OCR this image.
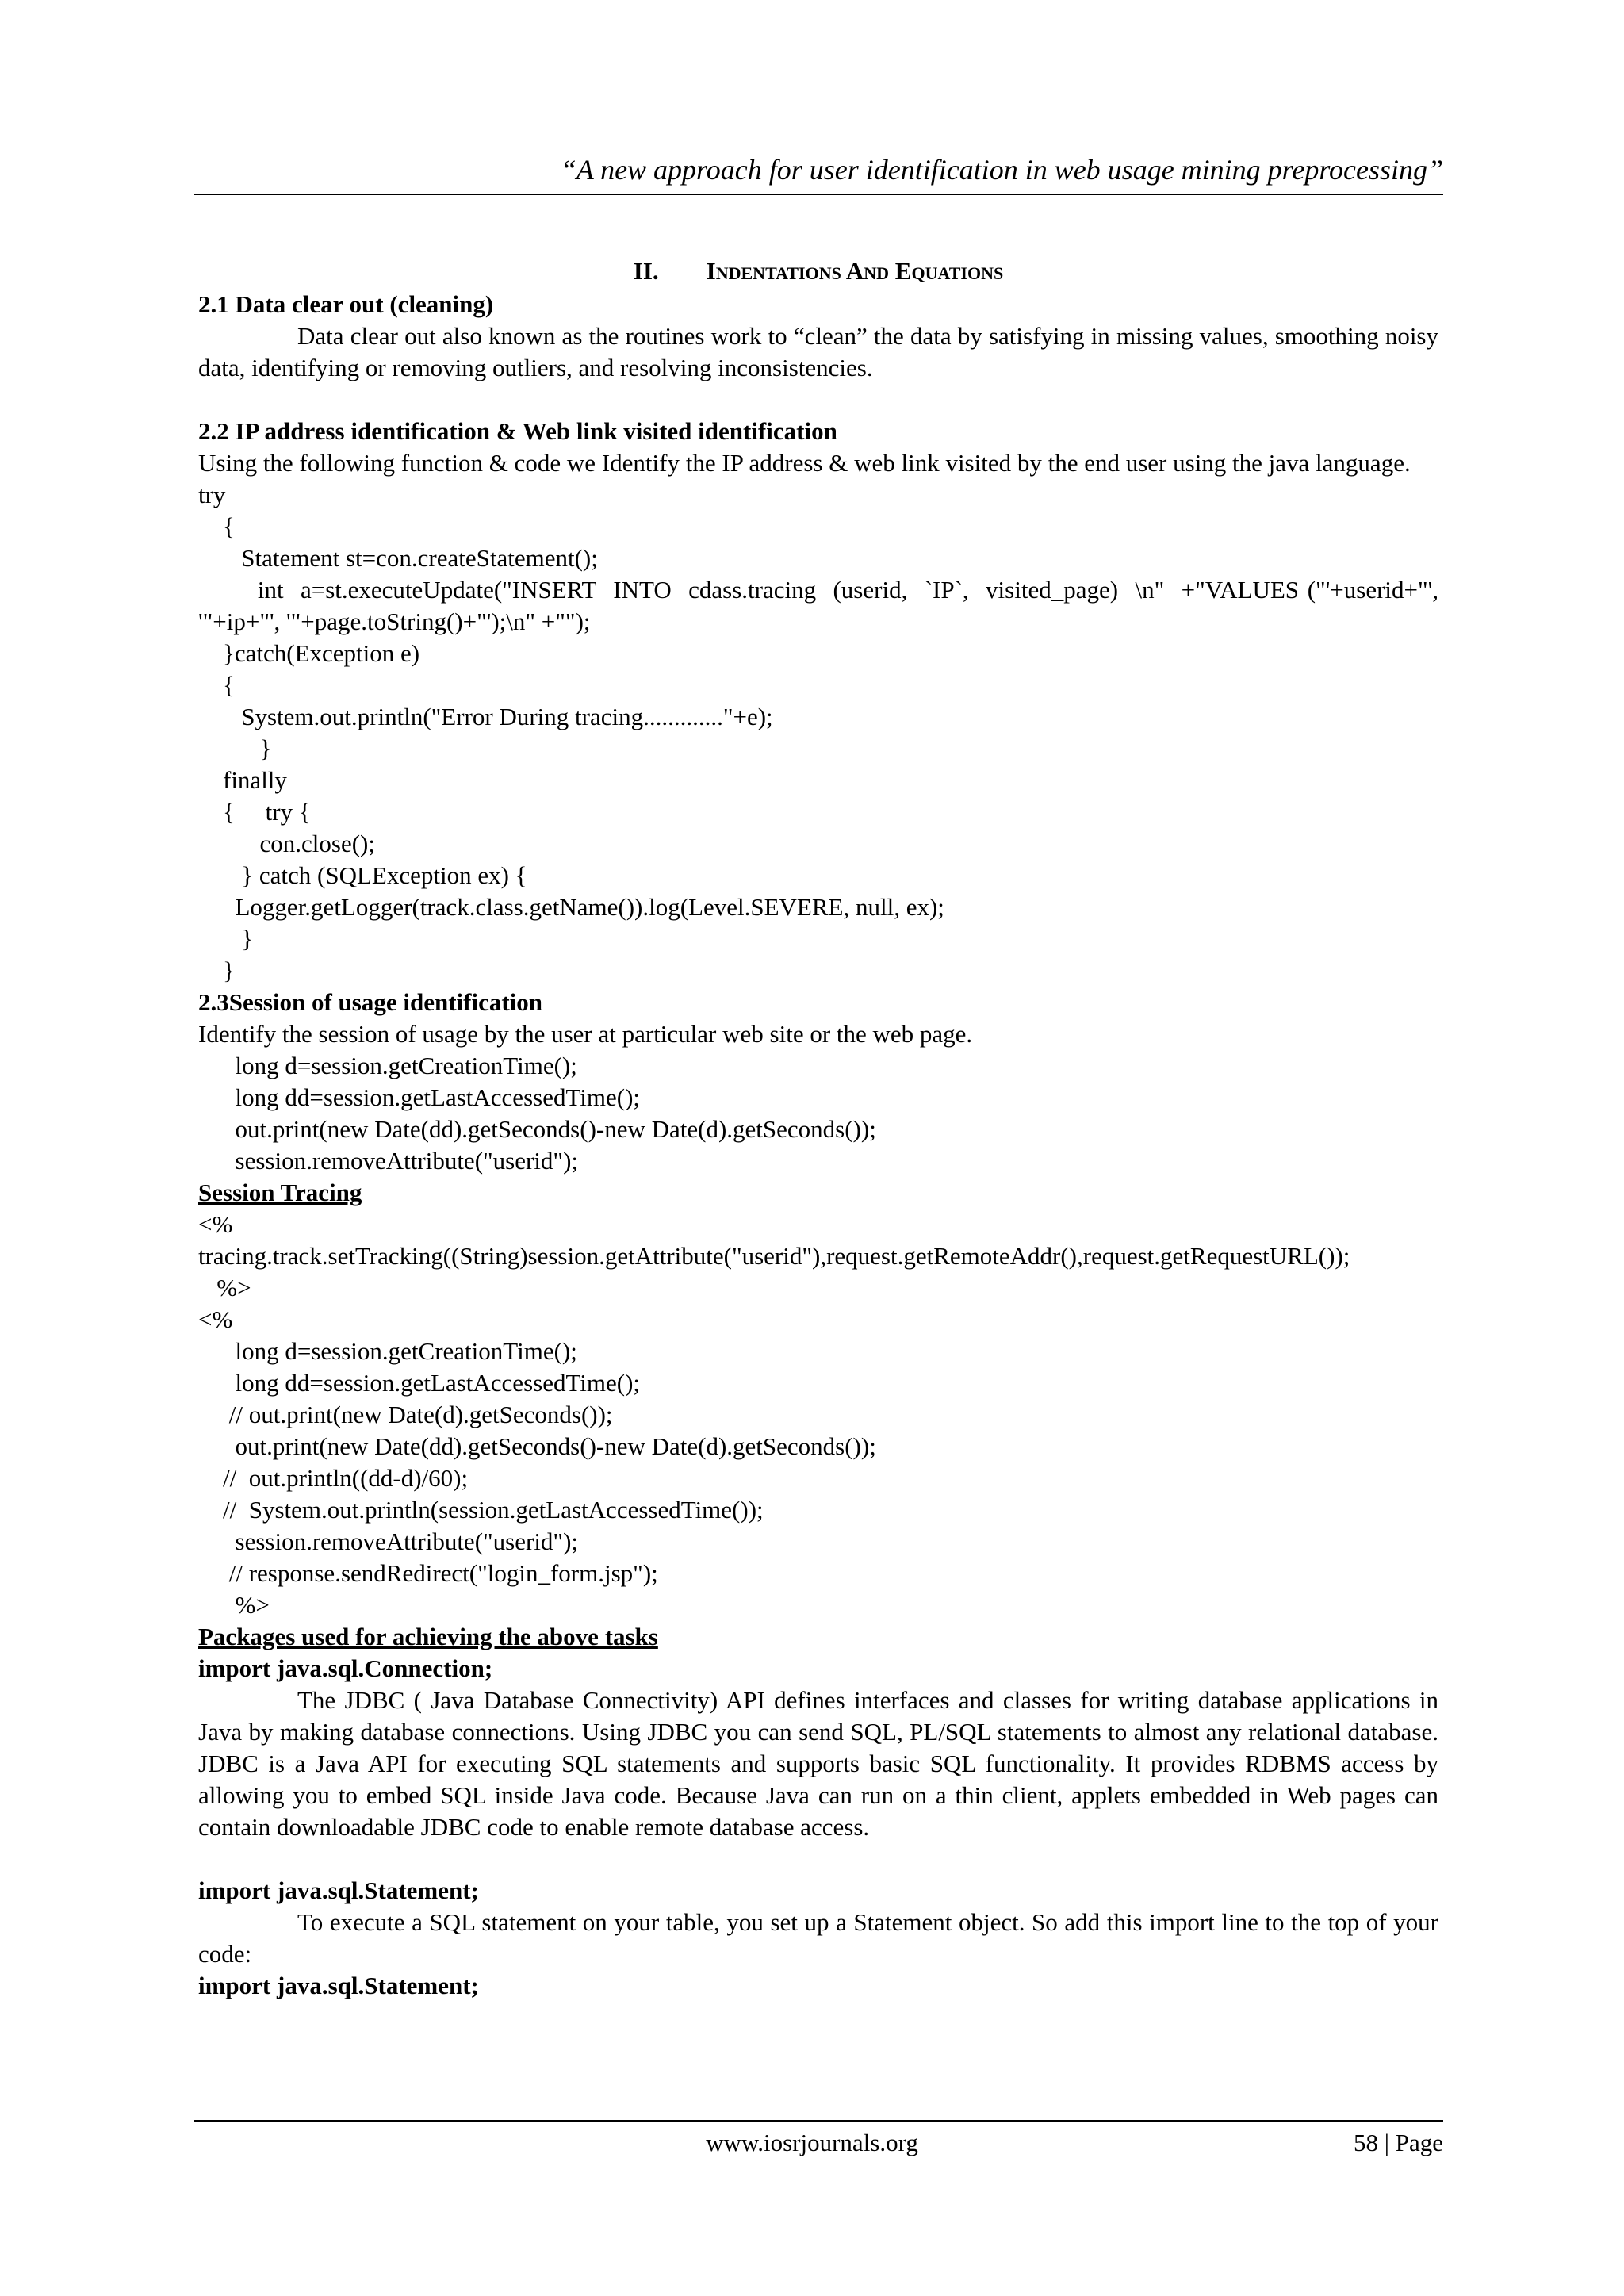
“A new approach for user identification in web usage mining preprocessing”

II. Indentations And Equations

2.1 Data clear out (cleaning)

Data clear out also known as the routines work to “clean” the data by satisfying in missing values, smoothing noisy data, identifying or removing outliers, and resolving inconsistencies.

2.2 IP address identification & Web link visited identification

Using the following function & code we Identify the IP address & web link visited by the end user using the java language.

try

{

Statement st=con.createStatement();

int  a=st.executeUpdate("INSERT  INTO  cdass.tracing  (userid,  `IP`,  visited_page)  \n"  +"VALUES ("'+userid+"', '"+ip+"', '"+page.toString()+"');\n" +"");

}catch(Exception e)

{

System.out.println("Error During tracing............."+e);

}

finally

{     try {

con.close();

} catch (SQLException ex) {

Logger.getLogger(track.class.getName()).log(Level.SEVERE, null, ex);

}

}

2.3Session of usage identification

Identify the session of usage by the user at particular web site or the web page.

long d=session.getCreationTime();

long dd=session.getLastAccessedTime();

out.print(new Date(dd).getSeconds()-new Date(d).getSeconds());

session.removeAttribute("userid");

Session Tracing

<%

tracing.track.setTracking((String)session.getAttribute("userid"),request.getRemoteAddr(),request.getRequestURL());

%>

<%

long d=session.getCreationTime();

long dd=session.getLastAccessedTime();

// out.print(new Date(d).getSeconds());

out.print(new Date(dd).getSeconds()-new Date(d).getSeconds());

//  out.println((dd-d)/60);

//  System.out.println(session.getLastAccessedTime());

session.removeAttribute("userid");

// response.sendRedirect("login_form.jsp");

%>

Packages used for achieving the above tasks

import java.sql.Connection;

The JDBC ( Java Database Connectivity) API defines interfaces and classes for writing database applications in Java by making database connections. Using JDBC you can send SQL, PL/SQL statements to almost any relational database. JDBC is a Java API for executing SQL statements and supports basic SQL functionality. It provides RDBMS access by allowing you to embed SQL inside Java code. Because Java can run on a thin client, applets embedded in Web pages can contain downloadable JDBC code to enable remote database access.

import java.sql.Statement;

To execute a SQL statement on your table, you set up a Statement object. So add this import line to the top of your code:

import java.sql.Statement;

www.iosrjournals.org	58 | Page
